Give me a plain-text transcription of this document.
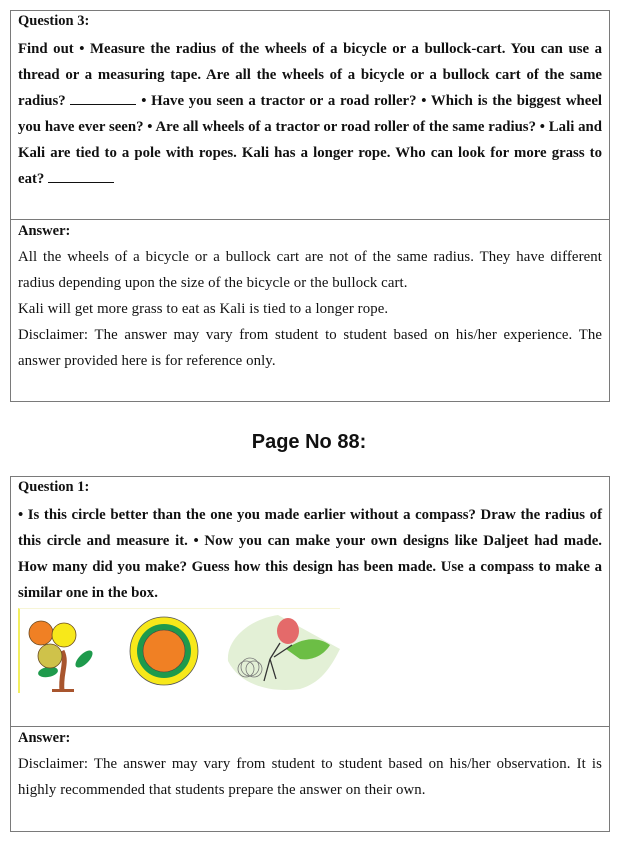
Question 3:
Find out • Measure the radius of the wheels of a bicycle or a bullock-cart. You can use a thread or a measuring tape. Are all the wheels of a bicycle or a bullock cart of the same radius?	• Have you seen a tractor or a road roller? • Which is the biggest wheel you have ever seen? • Are all wheels of a tractor or road roller of the same radius? • Lali and Kali are tied to a pole with ropes. Kali has a longer rope. Who can look for more grass to eat?
Answer:
All the wheels of a bicycle or a bullock cart are not of the same radius. They have different radius depending upon the size of the bicycle or the bullock cart.
Kali will get more grass to eat as Kali is tied to a longer rope.
Disclaimer: The answer may vary from student to student based on his/her experience. The answer provided here is for reference only.
Page No 88:
Question 1:
• Is this circle better than the one you made earlier without a compass? Draw the radius of this circle and measure it. • Now you can make your own designs like Daljeet had made. How many did you make? Guess how this design has been made. Use a compass to make a similar one in the box.
Answer:
Disclaimer: The answer may vary from student to student based on his/her observation. It is highly recommended that students prepare the answer on their own.
